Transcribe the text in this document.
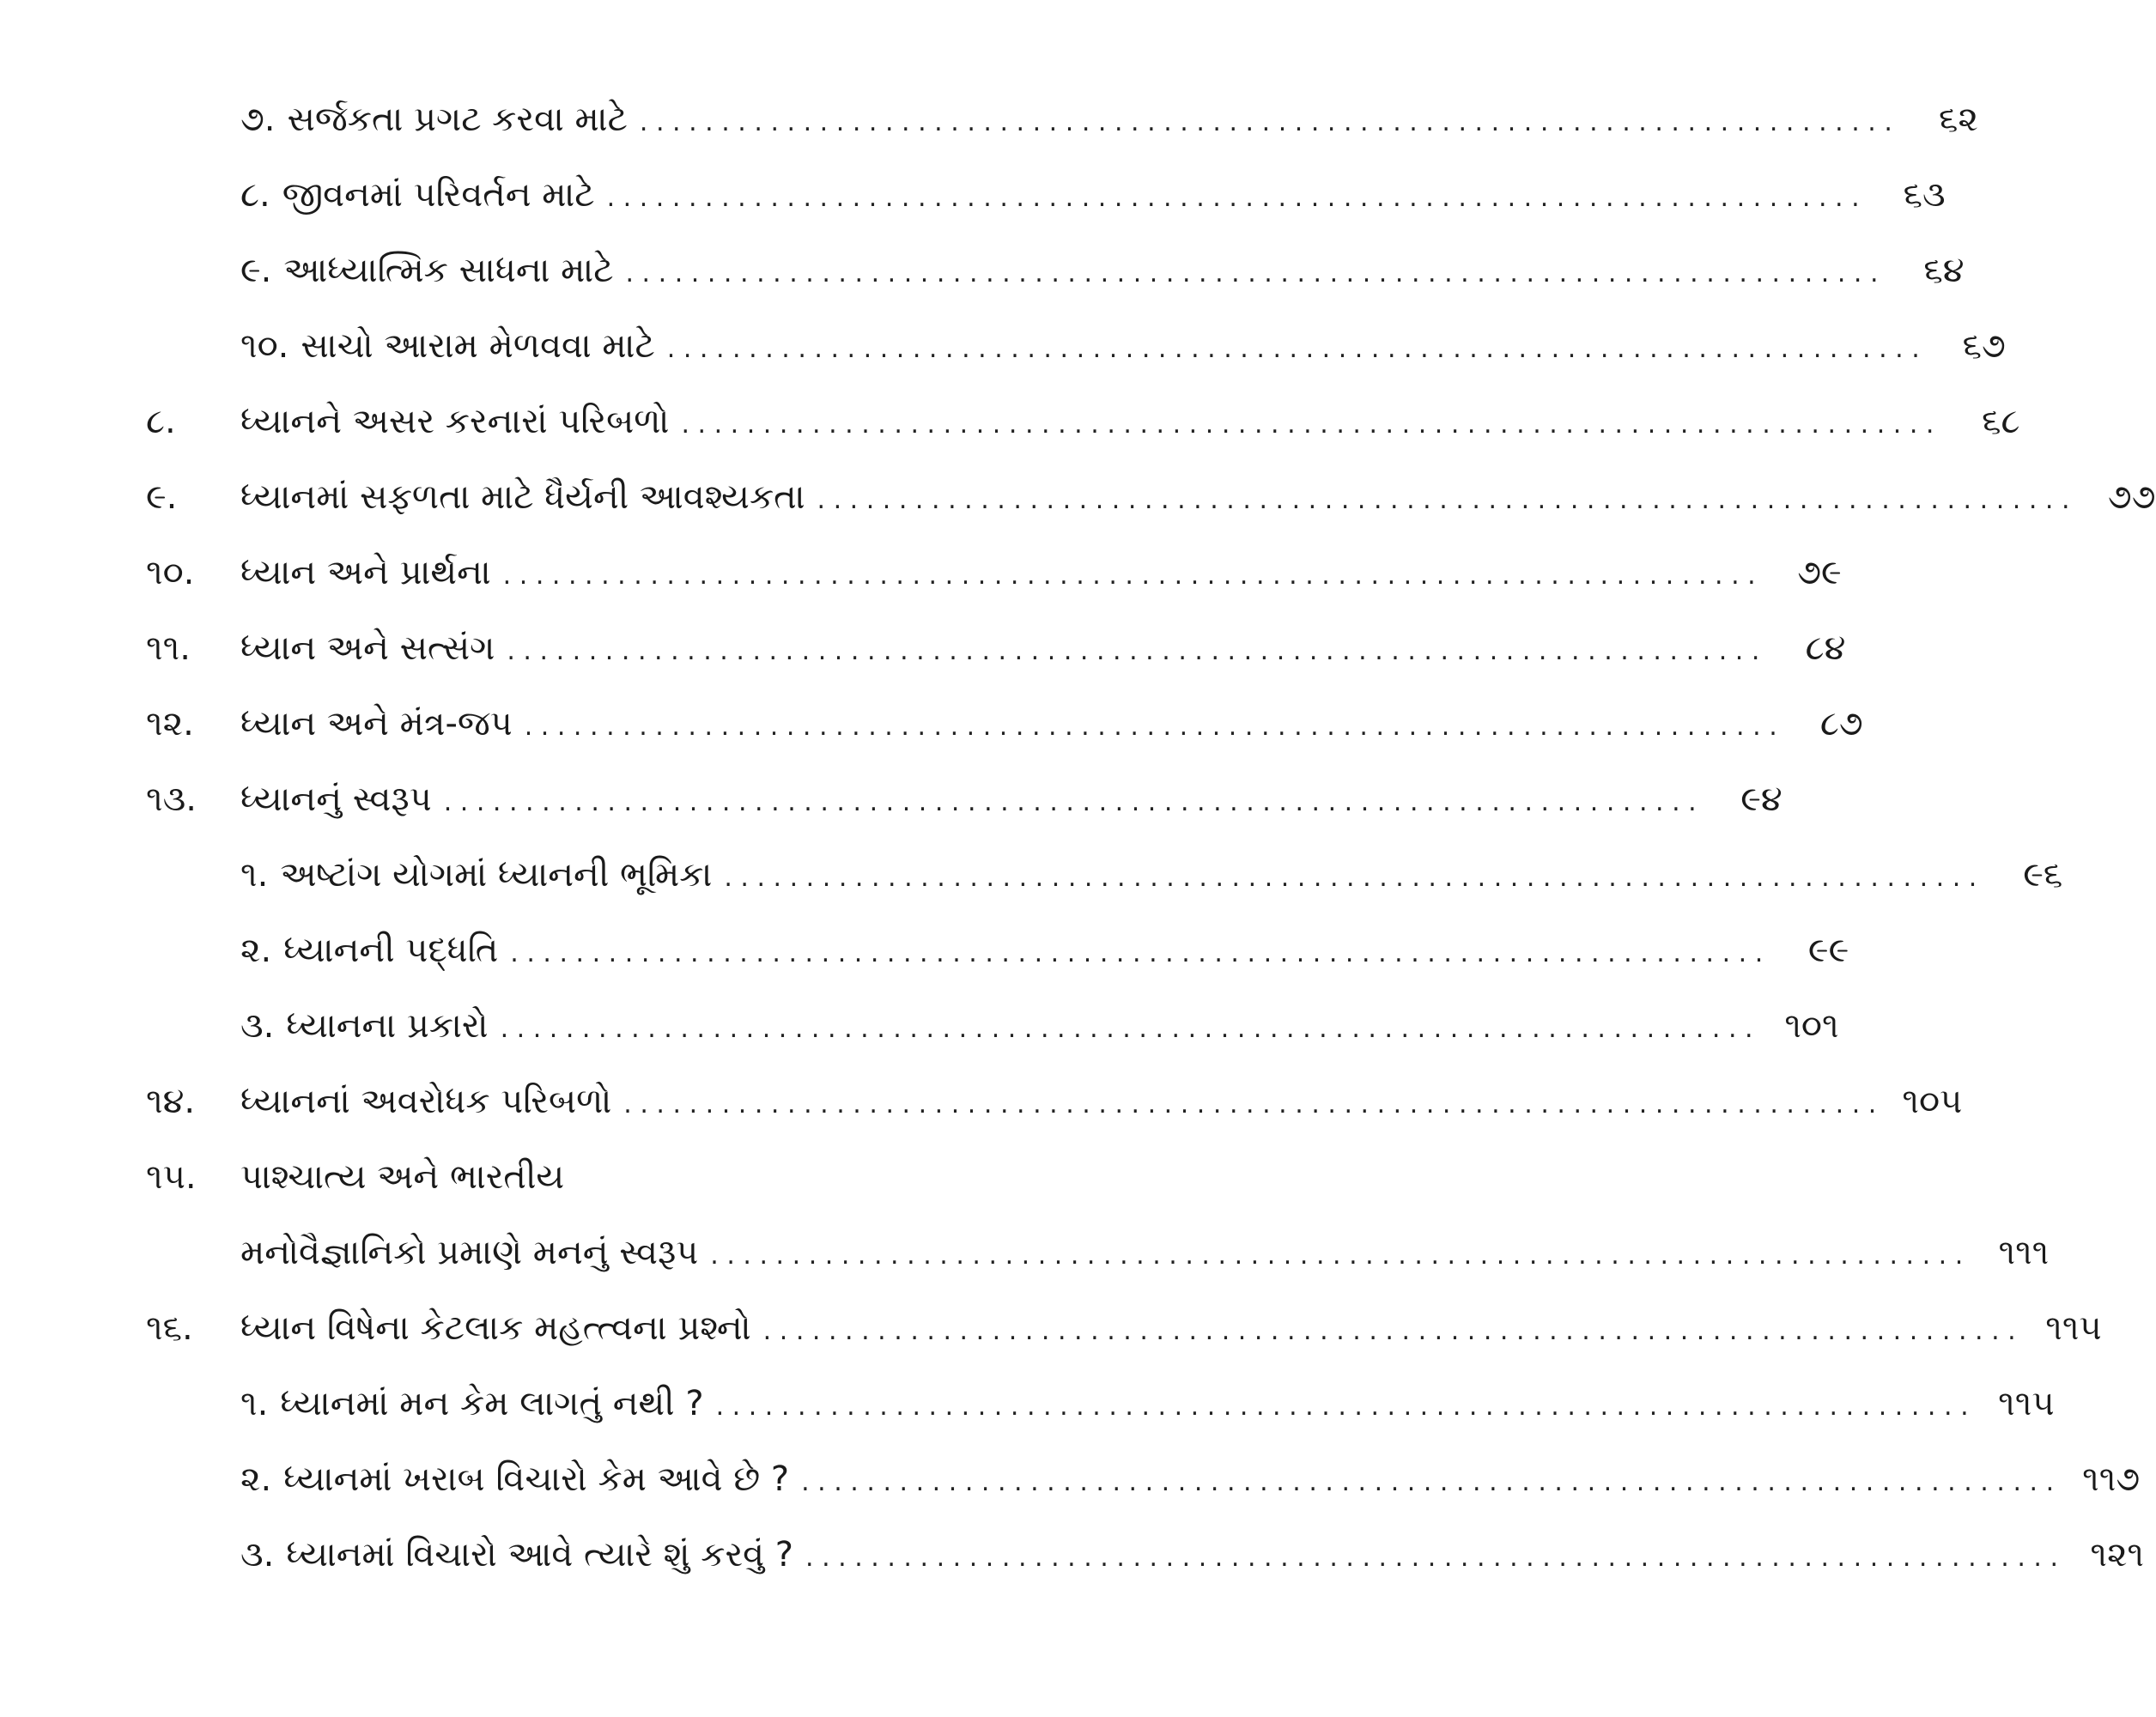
૭. સર્જકતા પ્રગટ કરવા માટે . . .	૬૨
૮. જીવનમાં પરિવર્તન માટે . . .	૬૩
૯. આધ્યાત્મિક સાધના માટે . . .	૬૪
૧૦. સાચો આરામ મેળવવા માટે . . .	૬૭
૮.	ધ્યાનને અસર કરનારાં પરિબળો . . .	૬૮
૯.	ધ્યાનમાં સફળતા માટે ધૈર્યની આવશ્યકતા . . .	૭૭
૧૦.	ધ્યાન અને પ્રાર્થના . . .	૭૯
૧૧.	ધ્યાન અને સત્સંગ . . .	૮૪
૧૨.	ધ્યાન અને મંત્ર-જપ . . .	૮૭
૧૩.	ધ્યાનનું સ્વરૂપ . . .	૯૪
૧. અષ્ટાંગ યોગમાં ધ્યાનની ભૂમિકા . . .	૯૬
૨. ધ્યાનની પદ્ધતિ . . .	૯૯
૩. ધ્યાનના પ્રકારો . . .	૧૦૧
૧૪.	ધ્યાનનાં અવરોધક પરિબળો . . .	૧૦૫
૧૫.	પાશ્ચાત્ય અને ભારતીય
મનોવૈજ્ઞાનિકો પ્રમાણે મનનું સ્વરૂપ . . .	૧૧૧
૧૬.	ધ્યાન વિષેના કેટલાક મહત્ત્વના પ્રશ્નો . . .	૧૧૫
૧. ધ્યાનમાં મન કેમ લાગતું નથી ? . . .	૧૧૫
૨. ધ્યાનમાં ખરાબ વિચારો કેમ આવે છે ? . . .	૧૧૭
૩. ધ્યાનમાં વિચારો આવે ત્યારે શું કરવું ? . . .	૧૨૧
